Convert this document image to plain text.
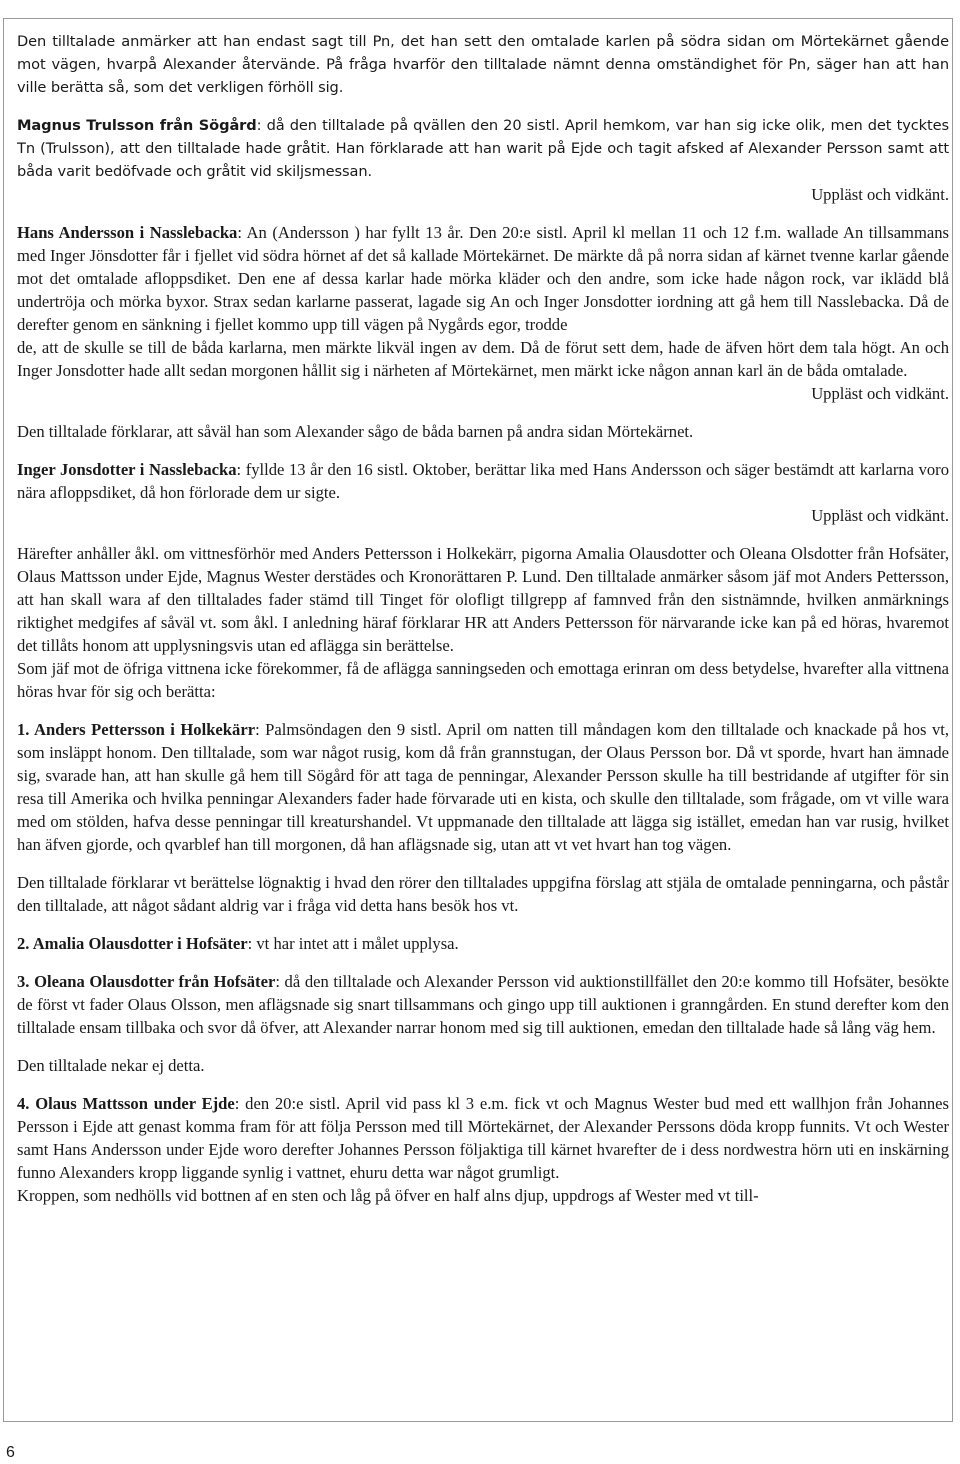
Den tilltalade anmärker att han endast sagt till Pn, det han sett den omtalade karlen på södra sidan om Mörtekärnet gående mot vägen, hvarpå Alexander återvände. På fråga hvarför den tilltalade nämnt denna omständighet för Pn, säger han att han ville berätta så, som det verkligen förhöll sig.

Magnus Trulsson från Sögård: då den tilltalade på qvällen den 20 sistl. April hemkom, var han sig icke olik, men det tycktes Tn (Trulsson), att den tilltalade hade gråtit. Han förklarade att han warit på Ejde och tagit afsked af Alexander Persson samt att båda varit bedöfvade och gråtit vid skiljsmessan.

Uppläst och vidkänt.

Hans Andersson i Nasslebacka: An (Andersson ) har fyllt 13 år. Den 20:e sistl. April kl mellan 11 och 12 f.m. wallade An tillsammans med Inger Jönsdotter får i fjellet vid södra hörnet af det så kallade Mörtekärnet. De märkte då på norra sidan af kärnet tvenne karlar gående mot det omtalade afloppsdiket. Den ene af dessa karlar hade mörka kläder och den andre, som icke hade någon rock, var iklädd blå undertröja och mörka byxor. Strax sedan karlarne passerat, lagade sig An och Inger Jonsdotter iordning att gå hem till Nasslebacka. Då de derefter genom en sänkning i fjellet kommo upp till vägen på Nygårds egor, trodde

de, att de skulle se till de båda karlarna, men märkte likväl ingen av dem. Då de förut sett dem, hade de äfven hört dem tala högt. An och Inger Jonsdotter hade allt sedan morgonen hållit sig i närheten af Mörtekärnet, men märkt icke någon annan karl än de båda omtalade.

Uppläst och vidkänt.

Den tilltalade förklarar, att såväl han som Alexander sågo de båda barnen på andra sidan Mörtekärnet.

Inger Jonsdotter i Nasslebacka: fyllde 13 år den 16 sistl. Oktober, berättar lika med Hans Andersson och säger bestämdt att karlarna voro nära afloppsdiket, då hon förlorade dem ur sigte.

Uppläst och vidkänt.

Härefter anhåller åkl. om vittnesförhör med Anders Pettersson i Holkekärr, pigorna Amalia Olausdotter och Oleana Olsdotter från Hofsäter, Olaus Mattsson under Ejde, Magnus Wester derstädes och Kronorättaren P. Lund. Den tilltalade anmärker såsom jäf mot Anders Pettersson, att han skall wara af den tilltalades fader stämd till Tinget för olofligt tillgrepp af famnved från den sistnämnde, hvilken anmärknings riktighet medgifes af såväl vt. som åkl. I anledning häraf förklarar HR att Anders Pettersson för närvarande icke kan på ed höras, hvaremot det tillåts honom att upplysningsvis utan ed aflägga sin berättelse.

Som jäf mot de öfriga vittnena icke förekommer, få de aflägga sanningseden och emottaga erinran om dess betydelse, hvarefter alla vittnena höras hvar för sig och berätta:

1. Anders Pettersson i Holkekärr: Palmsöndagen den 9 sistl. April om natten till måndagen kom den tilltalade och knackade på hos vt, som insläppt honom. Den tilltalade, som war något rusig, kom då från grannstugan, der Olaus Persson bor. Då vt sporde, hvart han ämnade sig, svarade han, att han skulle gå hem till Sögård för att taga de penningar, Alexander Persson skulle ha till bestridande af utgifter för sin resa till Amerika och hvilka penningar Alexanders fader hade förvarade uti en kista, och skulle den tilltalade, som frågade, om vt ville wara med om stölden, hafva desse penningar till kreaturshandel. Vt uppmanade den tilltalade att lägga sig istället, emedan han var rusig, hvilket han äfven gjorde, och qvarblef han till morgonen, då han aflägsnade sig, utan att vt vet hvart han tog vägen.

Den tilltalade förklarar vt berättelse lögnaktig i hvad den rörer den tilltalades uppgifna förslag att stjäla de omtalade penningarna, och påstår den tilltalade, att något sådant aldrig var i fråga vid detta hans besök hos vt.

2. Amalia Olausdotter i Hofsäter: vt har intet att i målet upplysa.

3. Oleana Olausdotter från Hofsäter: då den tilltalade och Alexander Persson vid auktionstillfället den 20:e kommo till Hofsäter, besökte de först vt fader Olaus Olsson, men aflägsnade sig snart tillsammans och gingo upp till auktionen i granngården. En stund derefter kom den tilltalade ensam tillbaka och svor då öfver, att Alexander narrar honom med sig till auktionen, emedan den tilltalade hade så lång väg hem.

Den tilltalade nekar ej detta.

4. Olaus Mattsson under Ejde: den 20:e sistl. April vid pass kl 3 e.m. fick vt och Magnus Wester bud med ett wallhjon från Johannes Persson i Ejde att genast komma fram för att följa Persson med till Mörtekärnet, der Alexander Perssons döda kropp funnits. Vt och Wester samt Hans Andersson under Ejde woro derefter Johannes Persson följaktiga till kärnet hvarefter de i dess nordwestra hörn uti en inskärning funno Alexanders kropp liggande synlig i vattnet, ehuru detta war något grumligt.

Kroppen, som nedhölls vid bottnen af en sten och låg på öfver en half alns djup, uppdrogs af Wester med vt till-

6
